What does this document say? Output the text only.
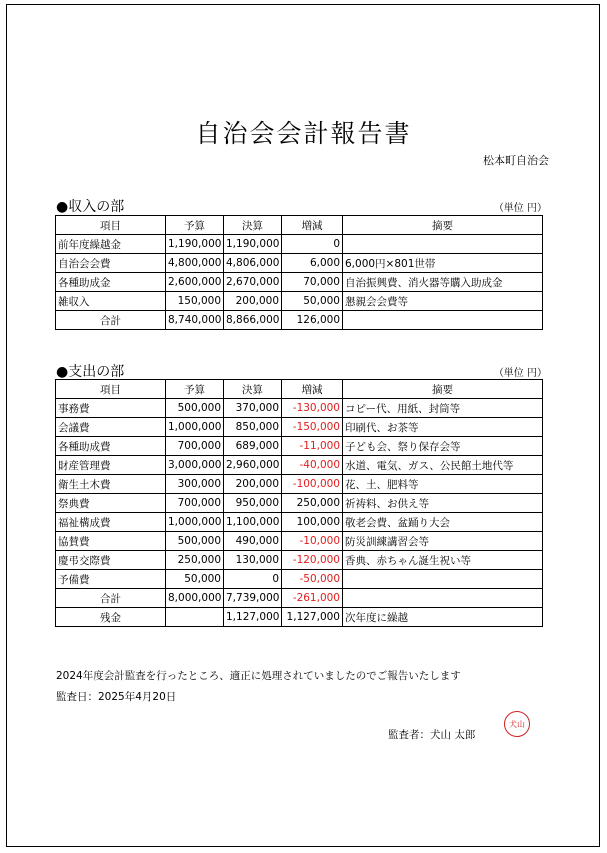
自治会会計報告書
松本町自治会
●収入の部	（単位 円）
項目	予算	決算	増減	摘要
前年度繰越金	1,190,000	1,190,000	0	
自治会会費	4,800,000	4,806,000	6,000	6,000円×801世帯
各種助成金	2,600,000	2,670,000	70,000	自治振興費、消火器等購入助成金
雑収入	150,000	200,000	50,000	懇親会会費等
合計	8,740,000	8,866,000	126,000	
●支出の部	（単位 円）
項目	予算	決算	増減	摘要
事務費	500,000	370,000	-130,000	コピー代、用紙、封筒等
会議費	1,000,000	850,000	-150,000	印刷代、お茶等
各種助成費	700,000	689,000	-11,000	子ども会、祭り保存会等
財産管理費	3,000,000	2,960,000	-40,000	水道、電気、ガス、公民館土地代等
衛生土木費	300,000	200,000	-100,000	花、土、肥料等
祭典費	700,000	950,000	250,000	祈祷料、お供え等
福祉構成費	1,000,000	1,100,000	100,000	敬老会費、盆踊り大会
協賛費	500,000	490,000	-10,000	防災訓練講習会等
慶弔交際費	250,000	130,000	-120,000	香典、赤ちゃん誕生祝い等
予備費	50,000	0	-50,000	
合計	8,000,000	7,739,000	-261,000	
残金		1,127,000	1,127,000	次年度に繰越
2024年度会計監査を行ったところ、適正に処理されていましたのでご報告いたします
監査日：2025年4月20日
監査者：犬山 太郎
犬山
